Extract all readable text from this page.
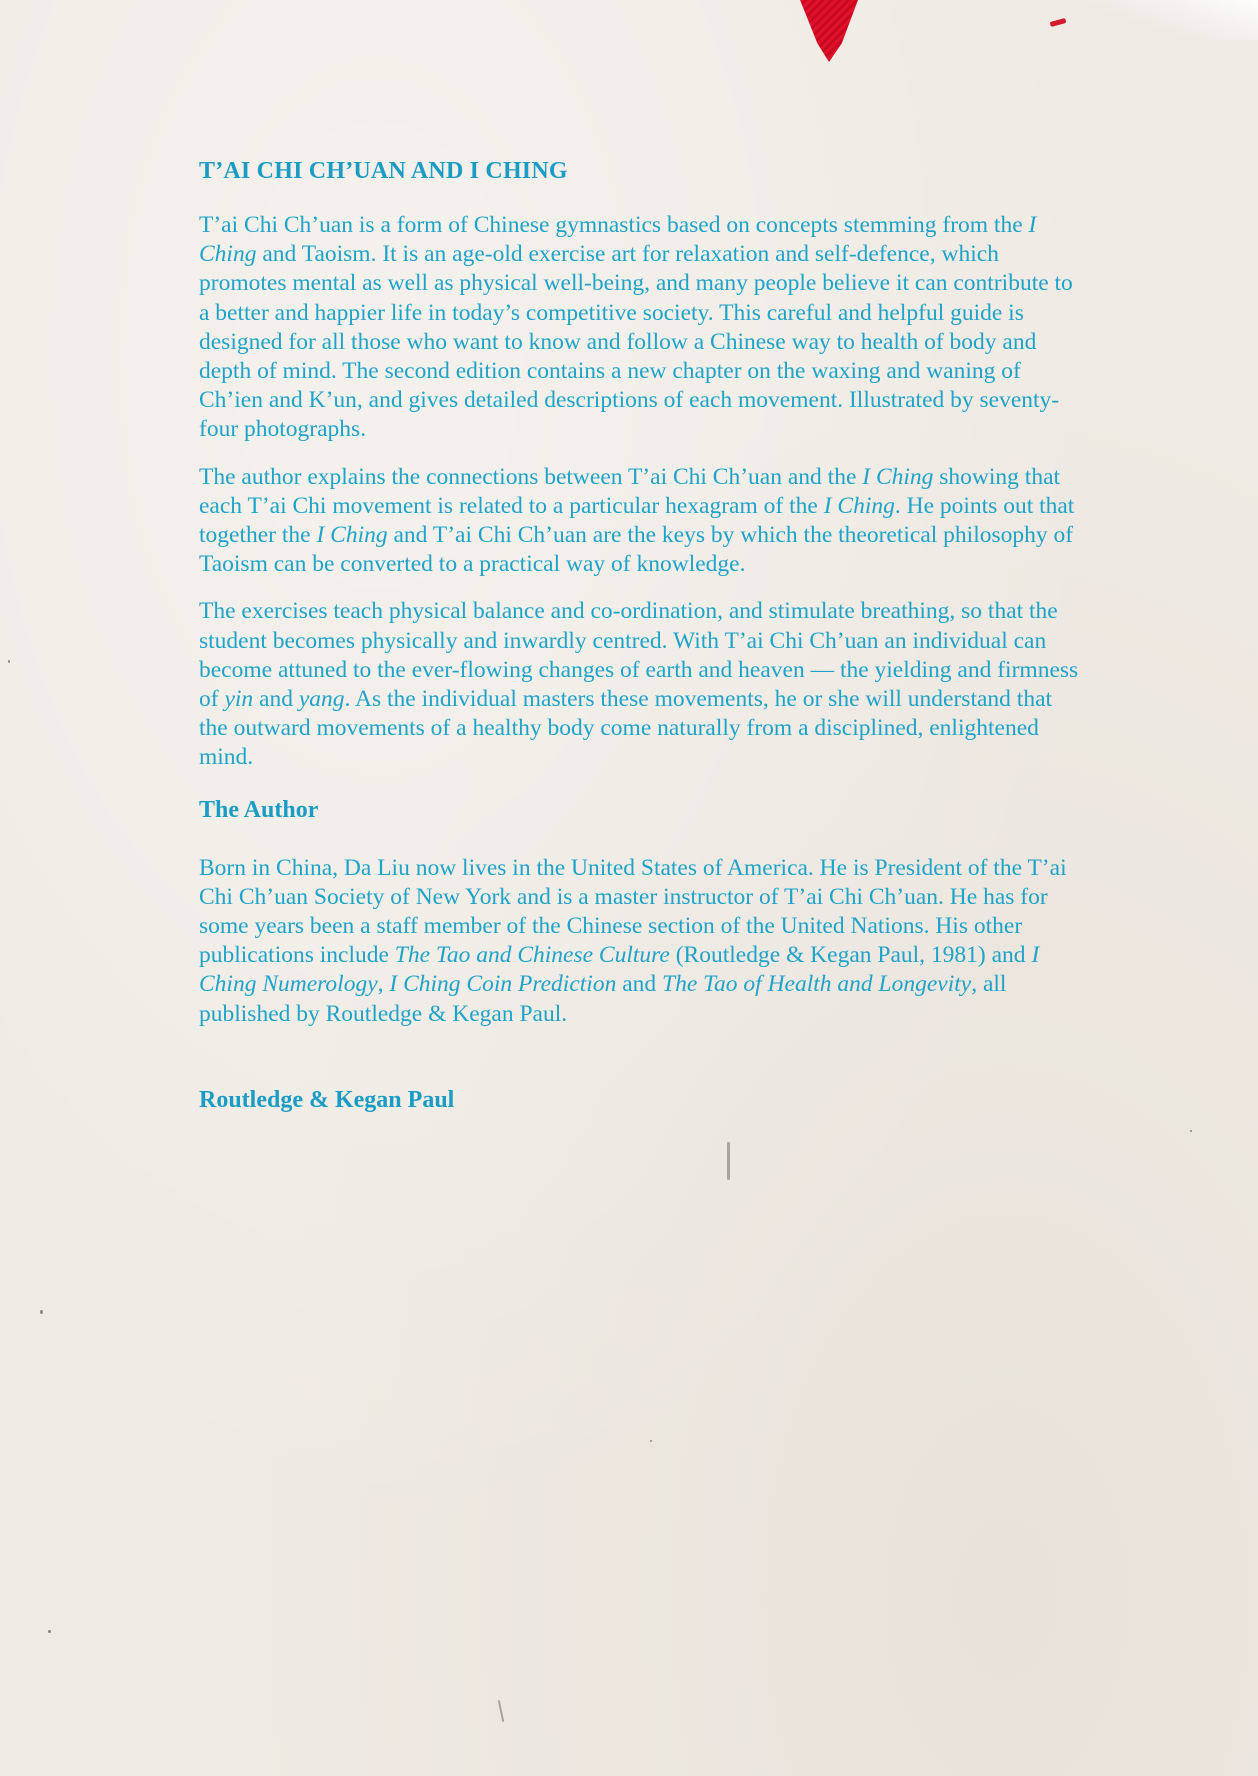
T’AI CHI CH’UAN AND I CHING

T’ai Chi Ch’uan is a form of Chinese gymnastics based on concepts stemming from the I Ching and Taoism. It is an age-old exercise art for relaxation and self-defence, which promotes mental as well as physical well-being, and many people believe it can contribute to a better and happier life in today’s competitive society. This careful and helpful guide is designed for all those who want to know and follow a Chinese way to health of body and depth of mind. The second edition contains a new chapter on the waxing and waning of Ch’ien and K’un, and gives detailed descriptions of each movement. Illustrated by seventy-four photographs.

The author explains the connections between T’ai Chi Ch’uan and the I Ching showing that each T’ai Chi movement is related to a particular hexagram of the I Ching. He points out that together the I Ching and T’ai Chi Ch’uan are the keys by which the theoretical philosophy of Taoism can be converted to a practical way of knowledge.

The exercises teach physical balance and co-ordination, and stimulate breathing, so that the student becomes physically and inwardly centred. With T’ai Chi Ch’uan an individual can become attuned to the ever-flowing changes of earth and heaven — the yielding and firmness of yin and yang. As the individual masters these movements, he or she will understand that the outward movements of a healthy body come naturally from a disciplined, enlightened mind.

The Author

Born in China, Da Liu now lives in the United States of America. He is President of the T’ai Chi Ch’uan Society of New York and is a master instructor of T’ai Chi Ch’uan. He has for some years been a staff member of the Chinese section of the United Nations. His other publications include The Tao and Chinese Culture (Routledge & Kegan Paul, 1981) and I Ching Numerology, I Ching Coin Prediction and The Tao of Health and Longevity, all published by Routledge & Kegan Paul.

Routledge & Kegan Paul
